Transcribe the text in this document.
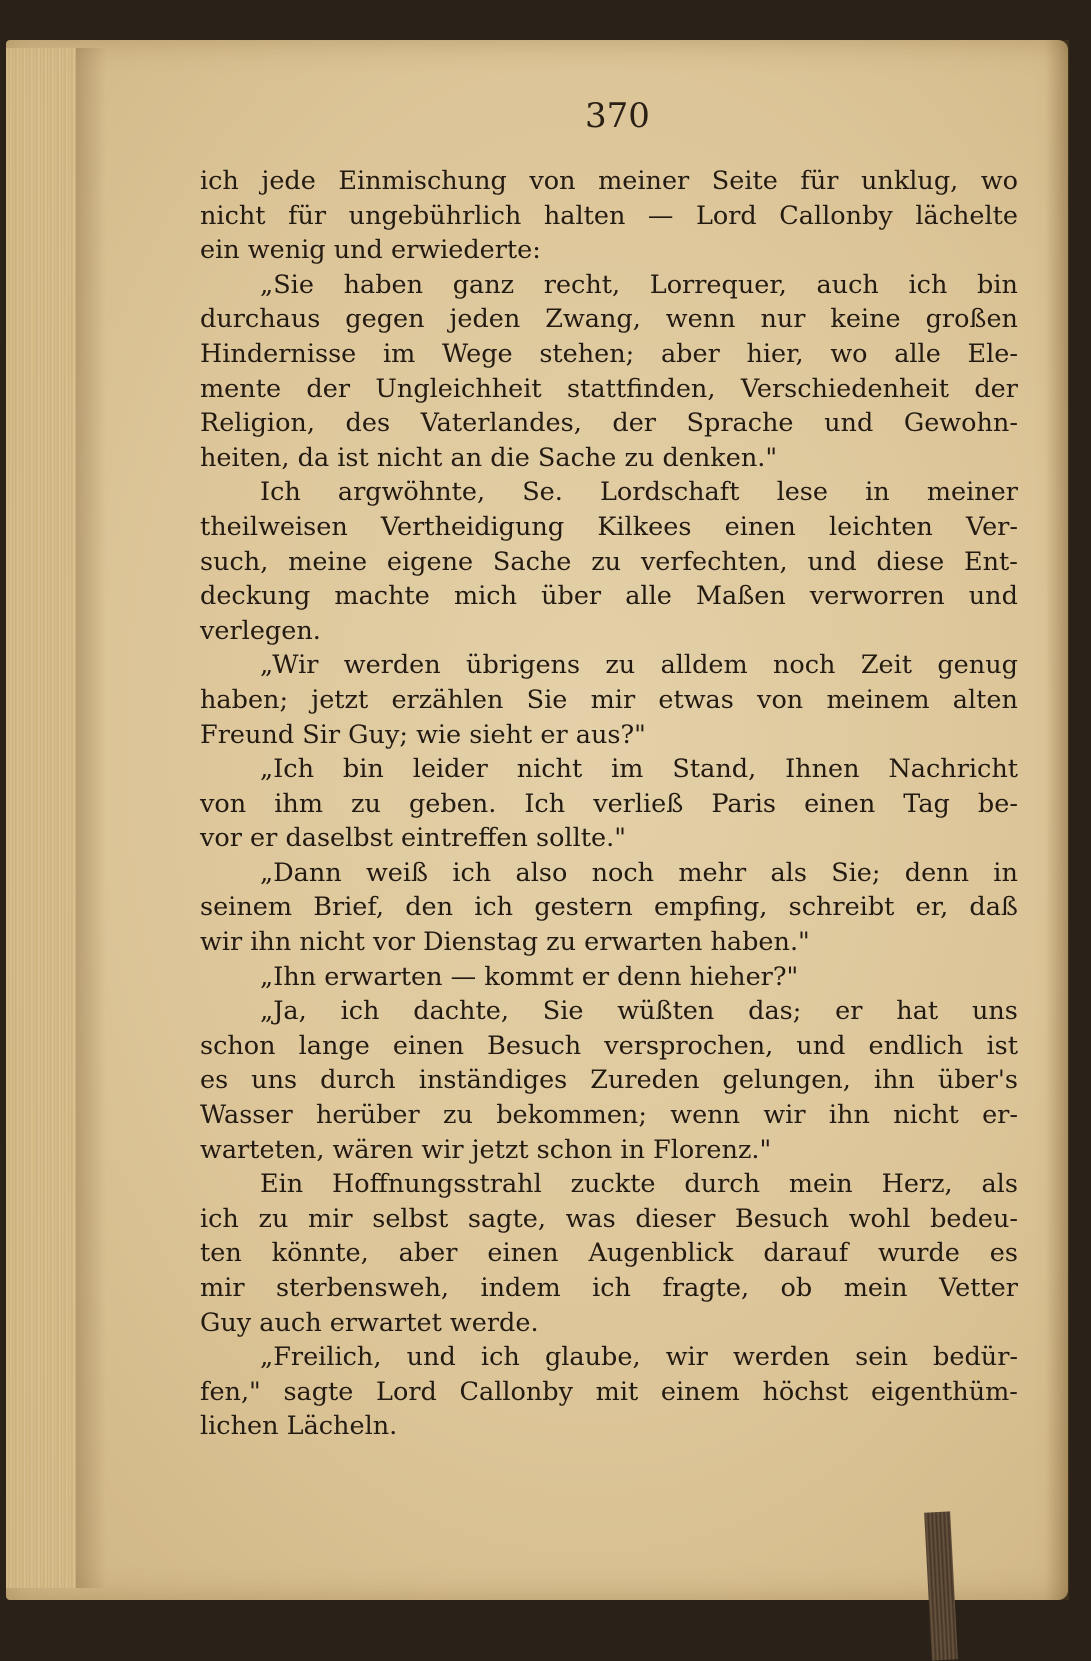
370
ich jede Einmischung von meiner Seite für unklug, wo
nicht für ungebührlich halten — Lord Callonby lächelte
ein wenig und erwiederte:
„Sie haben ganz recht, Lorrequer, auch ich bin
durchaus gegen jeden Zwang, wenn nur keine großen
Hindernisse im Wege stehen; aber hier, wo alle Ele-
mente der Ungleichheit stattfinden, Verschiedenheit der
Religion, des Vaterlandes, der Sprache und Gewohn-
heiten, da ist nicht an die Sache zu denken."
Ich argwöhnte, Se. Lordschaft lese in meiner
theilweisen Vertheidigung Kilkees einen leichten Ver-
such, meine eigene Sache zu verfechten, und diese Ent-
deckung machte mich über alle Maßen verworren und
verlegen.
„Wir werden übrigens zu alldem noch Zeit genug
haben; jetzt erzählen Sie mir etwas von meinem alten
Freund Sir Guy; wie sieht er aus?"
„Ich bin leider nicht im Stand, Ihnen Nachricht
von ihm zu geben. Ich verließ Paris einen Tag be-
vor er daselbst eintreffen sollte."
„Dann weiß ich also noch mehr als Sie; denn in
seinem Brief, den ich gestern empfing, schreibt er, daß
wir ihn nicht vor Dienstag zu erwarten haben."
„Ihn erwarten — kommt er denn hieher?"
„Ja, ich dachte, Sie wüßten das; er hat uns
schon lange einen Besuch versprochen, und endlich ist
es uns durch inständiges Zureden gelungen, ihn über's
Wasser herüber zu bekommen; wenn wir ihn nicht er-
warteten, wären wir jetzt schon in Florenz."
Ein Hoffnungsstrahl zuckte durch mein Herz, als
ich zu mir selbst sagte, was dieser Besuch wohl bedeu-
ten könnte, aber einen Augenblick darauf wurde es
mir sterbensweh, indem ich fragte, ob mein Vetter
Guy auch erwartet werde.
„Freilich, und ich glaube, wir werden sein bedür-
fen," sagte Lord Callonby mit einem höchst eigenthüm-
lichen Lächeln.
